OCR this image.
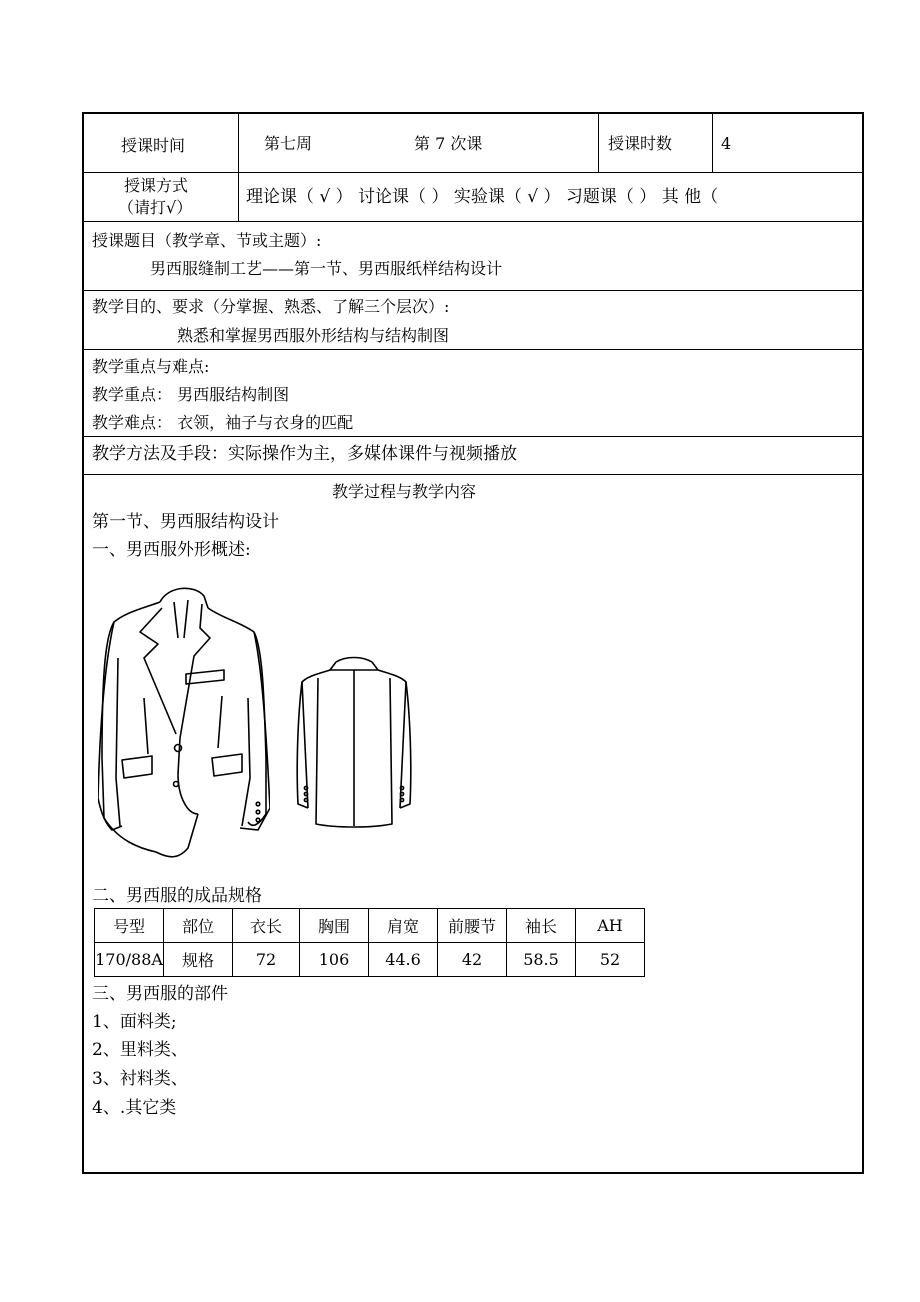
授课时间	第七周	第 7 次课	授课时数	4
授课方式
（请打√）
理论课（ √ ） 讨论课（ ） 实验课（ √ ） 习题课（ ） 其 他（
授课题目（教学章、节或主题）:
男西服缝制工艺——第一节、男西服纸样结构设计
教学目的、要求（分掌握、熟悉、了解三个层次）:
熟悉和掌握男西服外形结构与结构制图
教学重点与难点:
教学重点： 男西服结构制图
教学难点： 衣领，袖子与衣身的匹配
教学方法及手段：实际操作为主，多媒体课件与视频播放
教学过程与教学内容
第一节、男西服结构设计
一、男西服外形概述:
二、男西服的成品规格
号型	部位	衣长	胸围	肩宽	前腰节	袖长	AH
170/88A	规格	72	106	44.6	42	58.5	52
三、男西服的部件
1、面料类;
2、里料类、
3、衬料类、
4、.其它类
